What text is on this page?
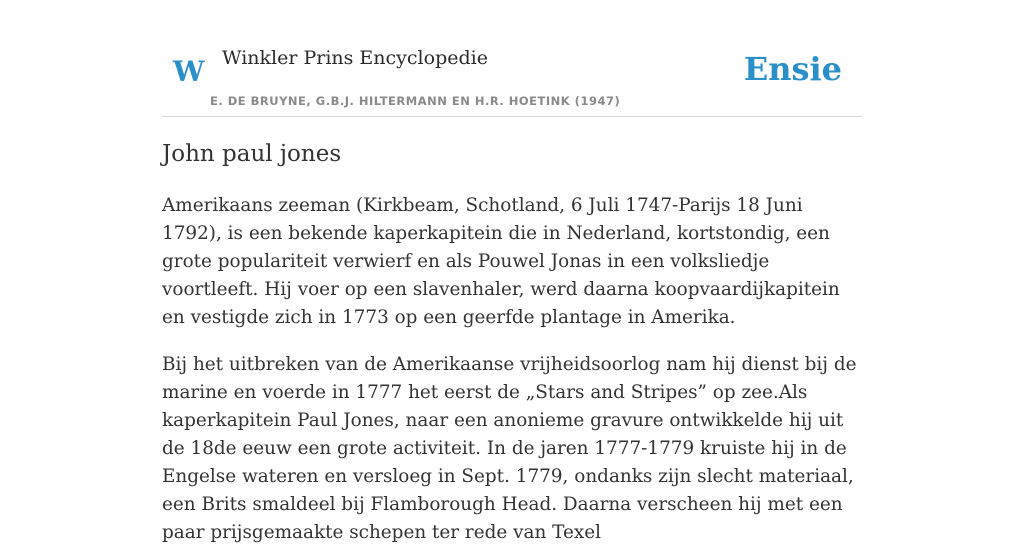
W Winkler Prins Encyclopedie
E. DE BRUYNE, G.B.J. HILTERMANN EN H.R. HOETINK (1947)
Ensie
John paul jones

Amerikaans zeeman (Kirkbeam, Schotland, 6 Juli 1747-Parijs 18 Juni 1792), is een bekende kaperkapitein die in Nederland, kortstondig, een grote populariteit verwierf en als Pouwel Jonas in een volksliedje voortleeft. Hij voer op een slavenhaler, werd daarna koopvaardijkapitein en vestigde zich in 1773 op een geerfde plantage in Amerika.

Bij het uitbreken van de Amerikaanse vrijheidsoorlog nam hij dienst bij de marine en voerde in 1777 het eerst de „Stars and Stripes” op zee.Als kaperkapitein Paul Jones, naar een anonieme gravure ontwikkelde hij uit de 18de eeuw een grote activiteit. In de jaren 1777-1779 kruiste hij in de Engelse wateren en versloeg in Sept. 1779, ondanks zijn slecht materiaal, een Brits smaldeel bij Flamborough Head. Daarna verscheen hij met een paar prijsgemaakte schepen ter rede van Texel
